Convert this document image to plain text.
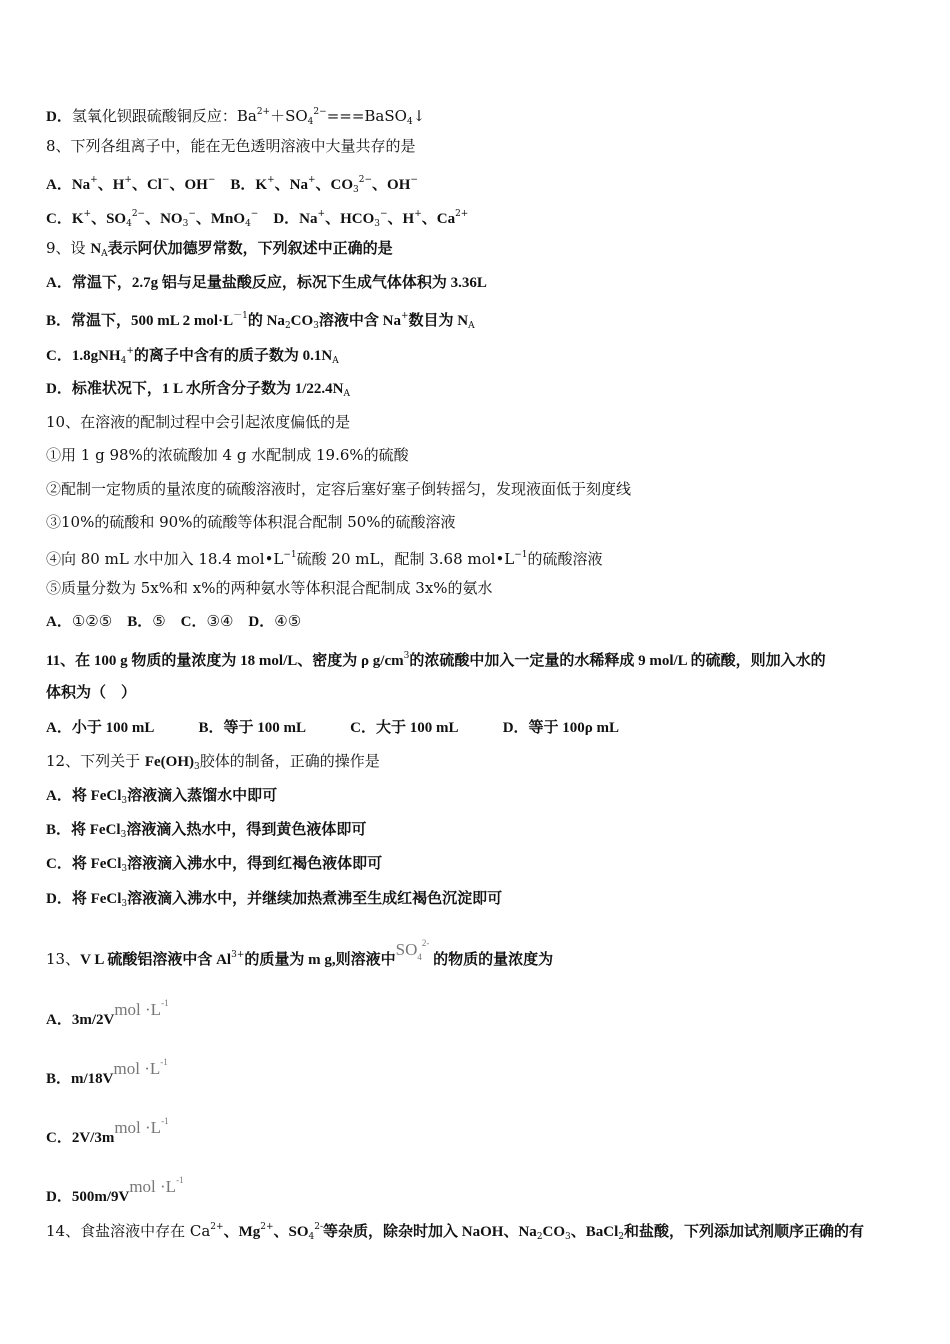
D．氢氧化钡跟硫酸铜反应：$Ba^{2+}+SO_4^{2-}===BaSO_4↓$
8、下列各组离子中，能在无色透明溶液中大量共存的是
A．Na+、H+、Cl−、OH−　B．K+、Na+、$CO_3^{2-}$、OH−
C．K+、$SO_4^{2-}$、$NO_3^-$、MnO$_4$−　D．Na+、$HCO_3^-$、H+、$Ca^{2+}$
9、设 $N_A$表示阿伏加德罗常数，下列叙述中正确的是
A．常温下，2.7g 铝与足量盐酸反应，标况下生成气体体积为 3.36L
B．常温下，500 mL 2 $mol\cdot L^{-1}$的 $Na_2CO_3$溶液中含 Na+数目为 $N_A$
C．1.8gNH$_4$+的离子中含有的质子数为 $0.1N_A$
D．标准状况下，1 L 水所含分子数为 $1/22.4N_A$
10、在溶液的配制过程中会引起浓度偏低的是
①用 1 g 98%的浓硫酸加 4 g 水配制成 19.6%的硫酸
②配制一定物质的量浓度的硫酸溶液时，定容后塞好塞子倒转摇匀，发现液面低于刻度线
③10%的硫酸和 90%的硫酸等体积混合配制 50%的硫酸溶液
④向 80 mL 水中加入 18.4 $mol•L^{-1}$硫酸 20 mL，配制 3.68 $mol•L^{-1}$的硫酸溶液
⑤质量分数为 5x%和 x%的两种氨水等体积混合配制成 3x%的氨水
A．①②⑤　B．⑤　C．③④　D．④⑤
11、在 100 g 物质的量浓度为 18 mol/L、密度为 ρ $g/cm^3$的浓硫酸中加入一定量的水稀释成 9 mol/L 的硫酸，则加入水的
体积为（　）
A．小于 100 mL　　　B．等于 100 mL　　　C．大于 100 mL　　　D．等于 100ρ mL
12、下列关于 $Fe(OH)_3$胶体的制备，正确的操作是
A．将 FeCl$_3$溶液滴入蒸馏水中即可
B．将 FeCl$_3$溶液滴入热水中，得到黄色液体即可
C．将 FeCl$_3$溶液滴入沸水中，得到红褐色液体即可
D．将 FeCl$_3$溶液滴入沸水中，并继续加热煮沸至生成红褐色沉淀即可
13、V L 硫酸铝溶液中含 $Al^{3+}$的质量为 m g,则溶液中$SO^{42-}$ 的物质的量浓度为
A．3m/2Vmol $\cdot L^{-1}$
B．m/18Vmol $\cdot L^{-1}$
C．2V/3mmol $\cdot L^{-1}$
D．500m/9Vmol $\cdot L^{-1}$
14、食盐溶液中存在 $Ca^{2+}$、$Mg^{2+}$、$SO_4^{2-}$等杂质，除杂时加入 NaOH、$Na_2CO_3$、BaCl$_2$和盐酸，下列添加试剂顺序正确的有
